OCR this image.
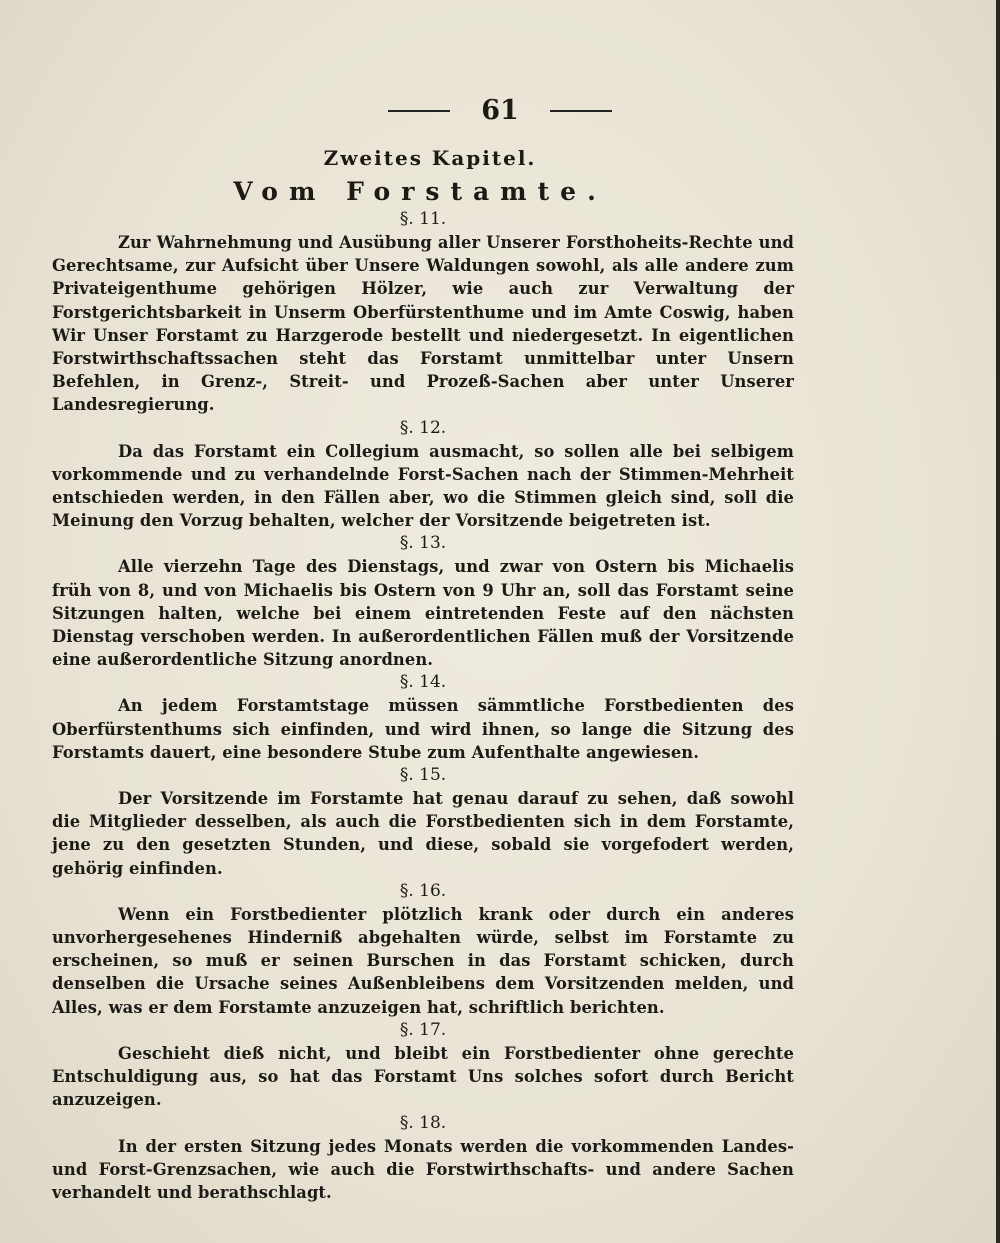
61
Zweites Kapitel.
Vom Forstamte.

§. 11.

Zur Wahrnehmung und Ausübung aller Unserer Forsthoheits-Rechte und Gerechtsame, zur Aufsicht über Unsere Waldungen sowohl, als alle andere zum Privateigenthume gehörigen Hölzer, wie auch zur Verwaltung der Forstgerichtsbarkeit in Unserm Oberfürstenthume und im Amte Coswig, haben Wir Unser Forstamt zu Harzgerode bestellt und niedergesetzt. In eigentlichen Forstwirthschaftssachen steht das Forstamt unmittelbar unter Unsern Befehlen, in Grenz-, Streit- und Prozeß-Sachen aber unter Unserer Landesregierung.

§. 12.

Da das Forstamt ein Collegium ausmacht, so sollen alle bei selbigem vorkommende und zu verhandelnde Forst-Sachen nach der Stimmen-Mehrheit entschieden werden, in den Fällen aber, wo die Stimmen gleich sind, soll die Meinung den Vorzug behalten, welcher der Vorsitzende beigetreten ist.

§. 13.

Alle vierzehn Tage des Dienstags, und zwar von Ostern bis Michaelis früh von 8, und von Michaelis bis Ostern von 9 Uhr an, soll das Forstamt seine Sitzungen halten, welche bei einem eintretenden Feste auf den nächsten Dienstag verschoben werden. In außerordentlichen Fällen muß der Vorsitzende eine außerordentliche Sitzung anordnen.

§. 14.

An jedem Forstamtstage müssen sämmtliche Forstbedienten des Oberfürstenthums sich einfinden, und wird ihnen, so lange die Sitzung des Forstamts dauert, eine besondere Stube zum Aufenthalte angewiesen.

§. 15.

Der Vorsitzende im Forstamte hat genau darauf zu sehen, daß sowohl die Mitglieder desselben, als auch die Forstbedienten sich in dem Forstamte, jene zu den gesetzten Stunden, und diese, sobald sie vorgefodert werden, gehörig einfinden.

§. 16.

Wenn ein Forstbedienter plötzlich krank oder durch ein anderes unvorhergesehenes Hinderniß abgehalten würde, selbst im Forstamte zu erscheinen, so muß er seinen Burschen in das Forstamt schicken, durch denselben die Ursache seines Außenbleibens dem Vorsitzenden melden, und Alles, was er dem Forstamte anzuzeigen hat, schriftlich berichten.

§. 17.

Geschieht dieß nicht, und bleibt ein Forstbedienter ohne gerechte Entschuldigung aus, so hat das Forstamt Uns solches sofort durch Bericht anzuzeigen.

§. 18.

In der ersten Sitzung jedes Monats werden die vorkommenden Landes- und Forst-Grenzsachen, wie auch die Forstwirthschafts- und andere Sachen verhandelt und berathschlagt.
